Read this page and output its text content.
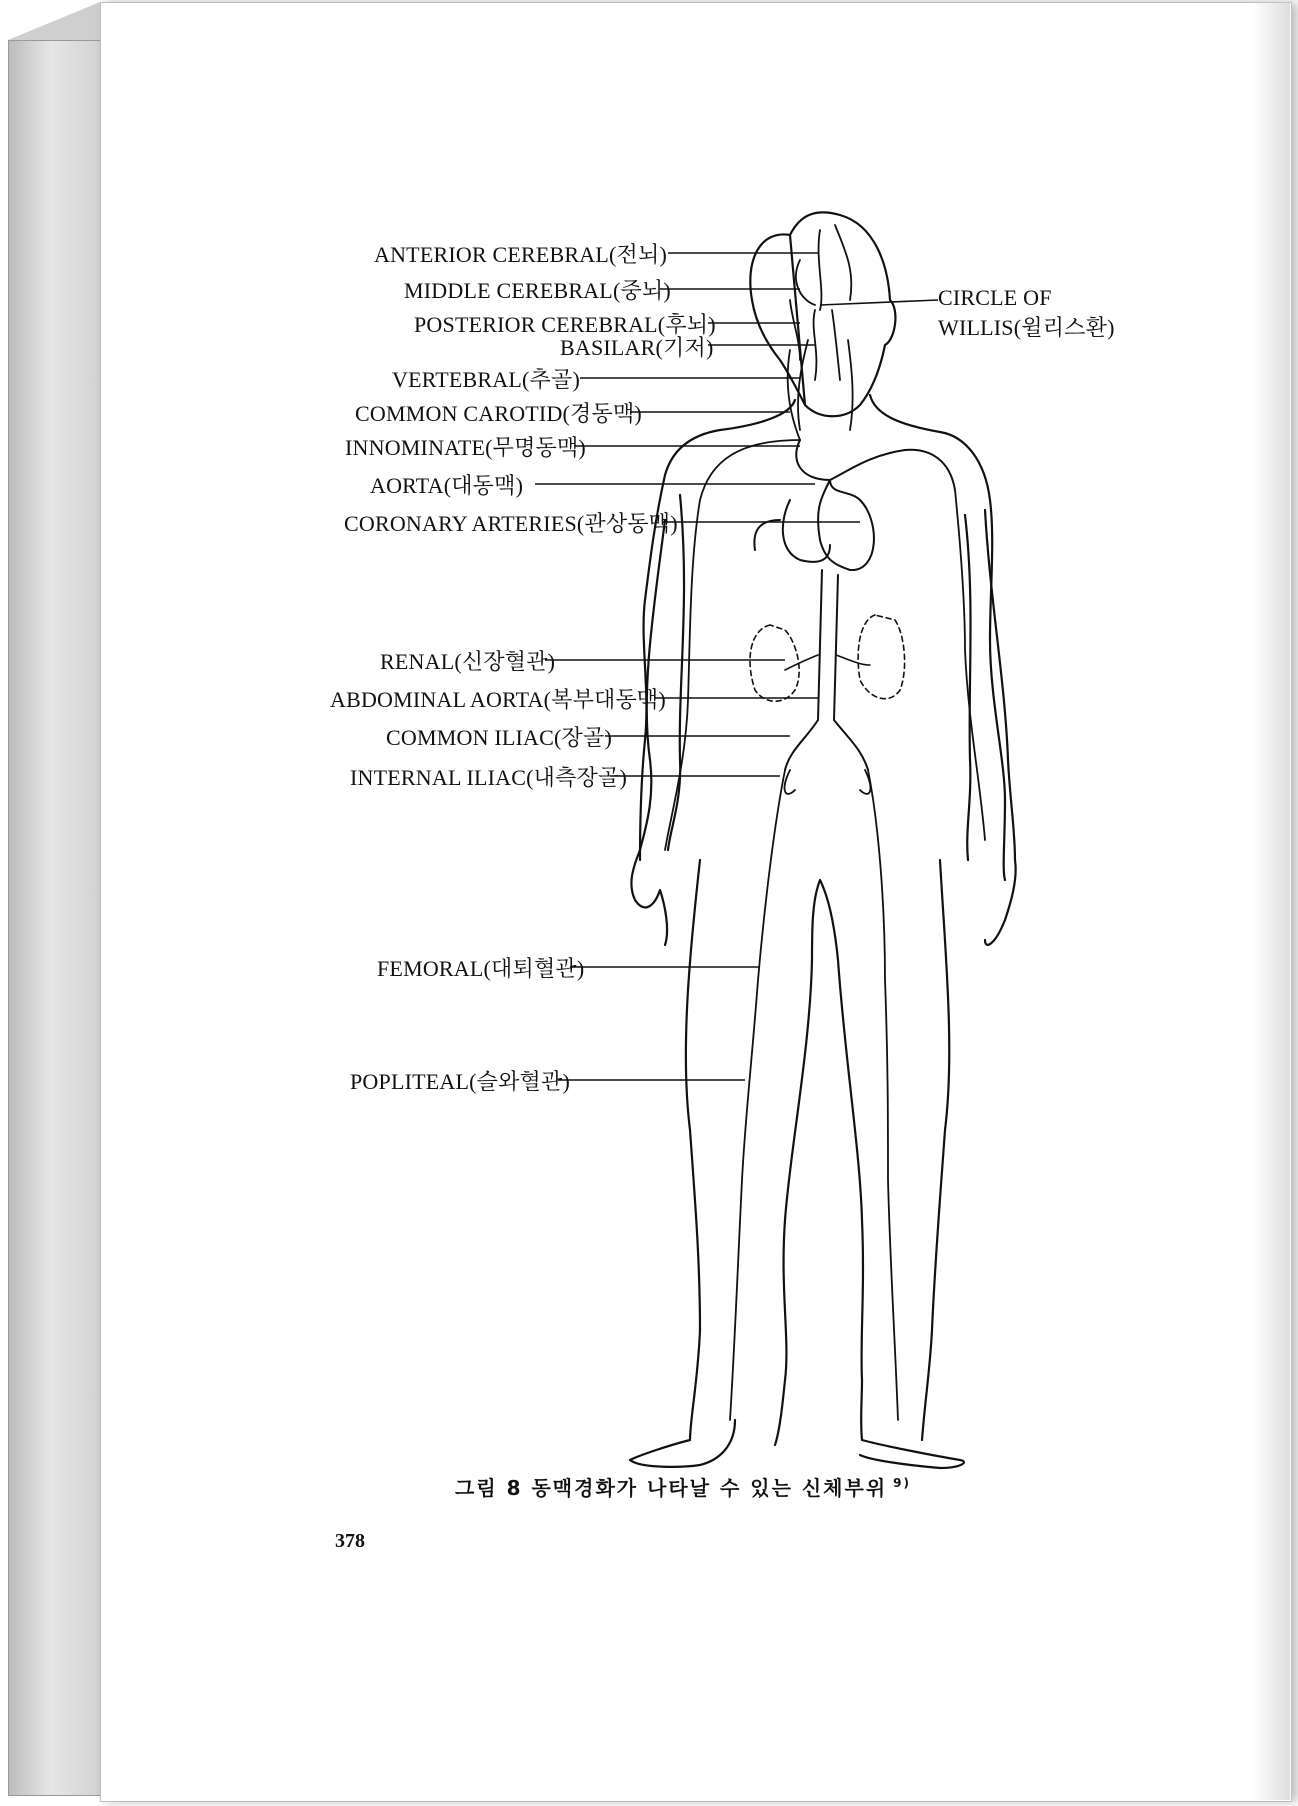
ANTERIOR CEREBRAL(전뇌)
MIDDLE CEREBRAL(중뇌)
POSTERIOR CEREBRAL(후뇌)
BASILAR(기저)
VERTEBRAL(추골)
COMMON CAROTID(경동맥)
INNOMINATE(무명동맥)
AORTA(대동맥)
CORONARY ARTERIES(관상동맥)
RENAL(신장혈관)
ABDOMINAL AORTA(복부대동맥)
COMMON ILIAC(장골)
INTERNAL ILIAC(내측장골)
FEMORAL(대퇴혈관)
POPLITEAL(슬와혈관)
CIRCLE OF
WILLIS(윌리스환)
그림 8 동맥경화가 나타날 수 있는 신체부위 $^{9)}$
378
